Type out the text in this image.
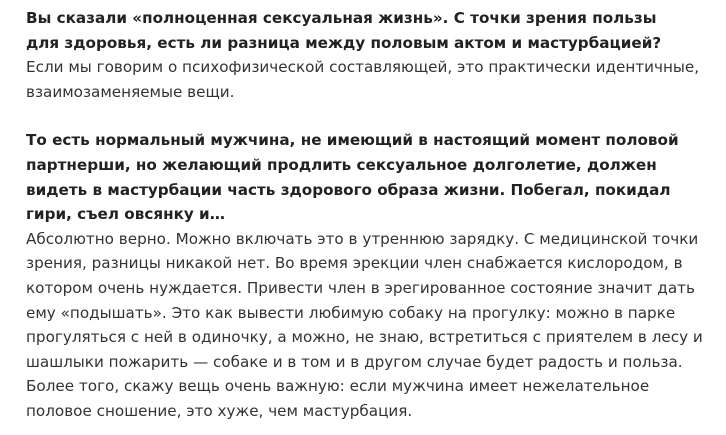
Вы сказали «полноценная сексуальная жизнь». С точки зрения пользы
для здоровья, есть ли разница между половым актом и мастурбацией?
Если мы говорим о психофизической составляющей, это практически идентичные,
взаимозаменяемые вещи.
То есть нормальный мужчина, не имеющий в настоящий момент половой
партнерши, но желающий продлить сексуальное долголетие, должен
видеть в мастурбации часть здорового образа жизни. Побегал, покидал
гири, съел овсянку и…
Абсолютно верно. Можно включать это в утреннюю зарядку. С медицинской точки
зрения, разницы никакой нет. Во время эрекции член снабжается кислородом, в
котором очень нуждается. Привести член в эрегированное состояние значит дать
ему «подышать». Это как вывести любимую собаку на прогулку: можно в парке
прогуляться с ней в одиночку, а можно, не знаю, встретиться с приятелем в лесу и
шашлыки пожарить — собаке и в том и в другом случае будет радость и польза.
Более того, скажу вещь очень важную: если мужчина имеет нежелательное
половое сношение, это хуже, чем мастурбация.
